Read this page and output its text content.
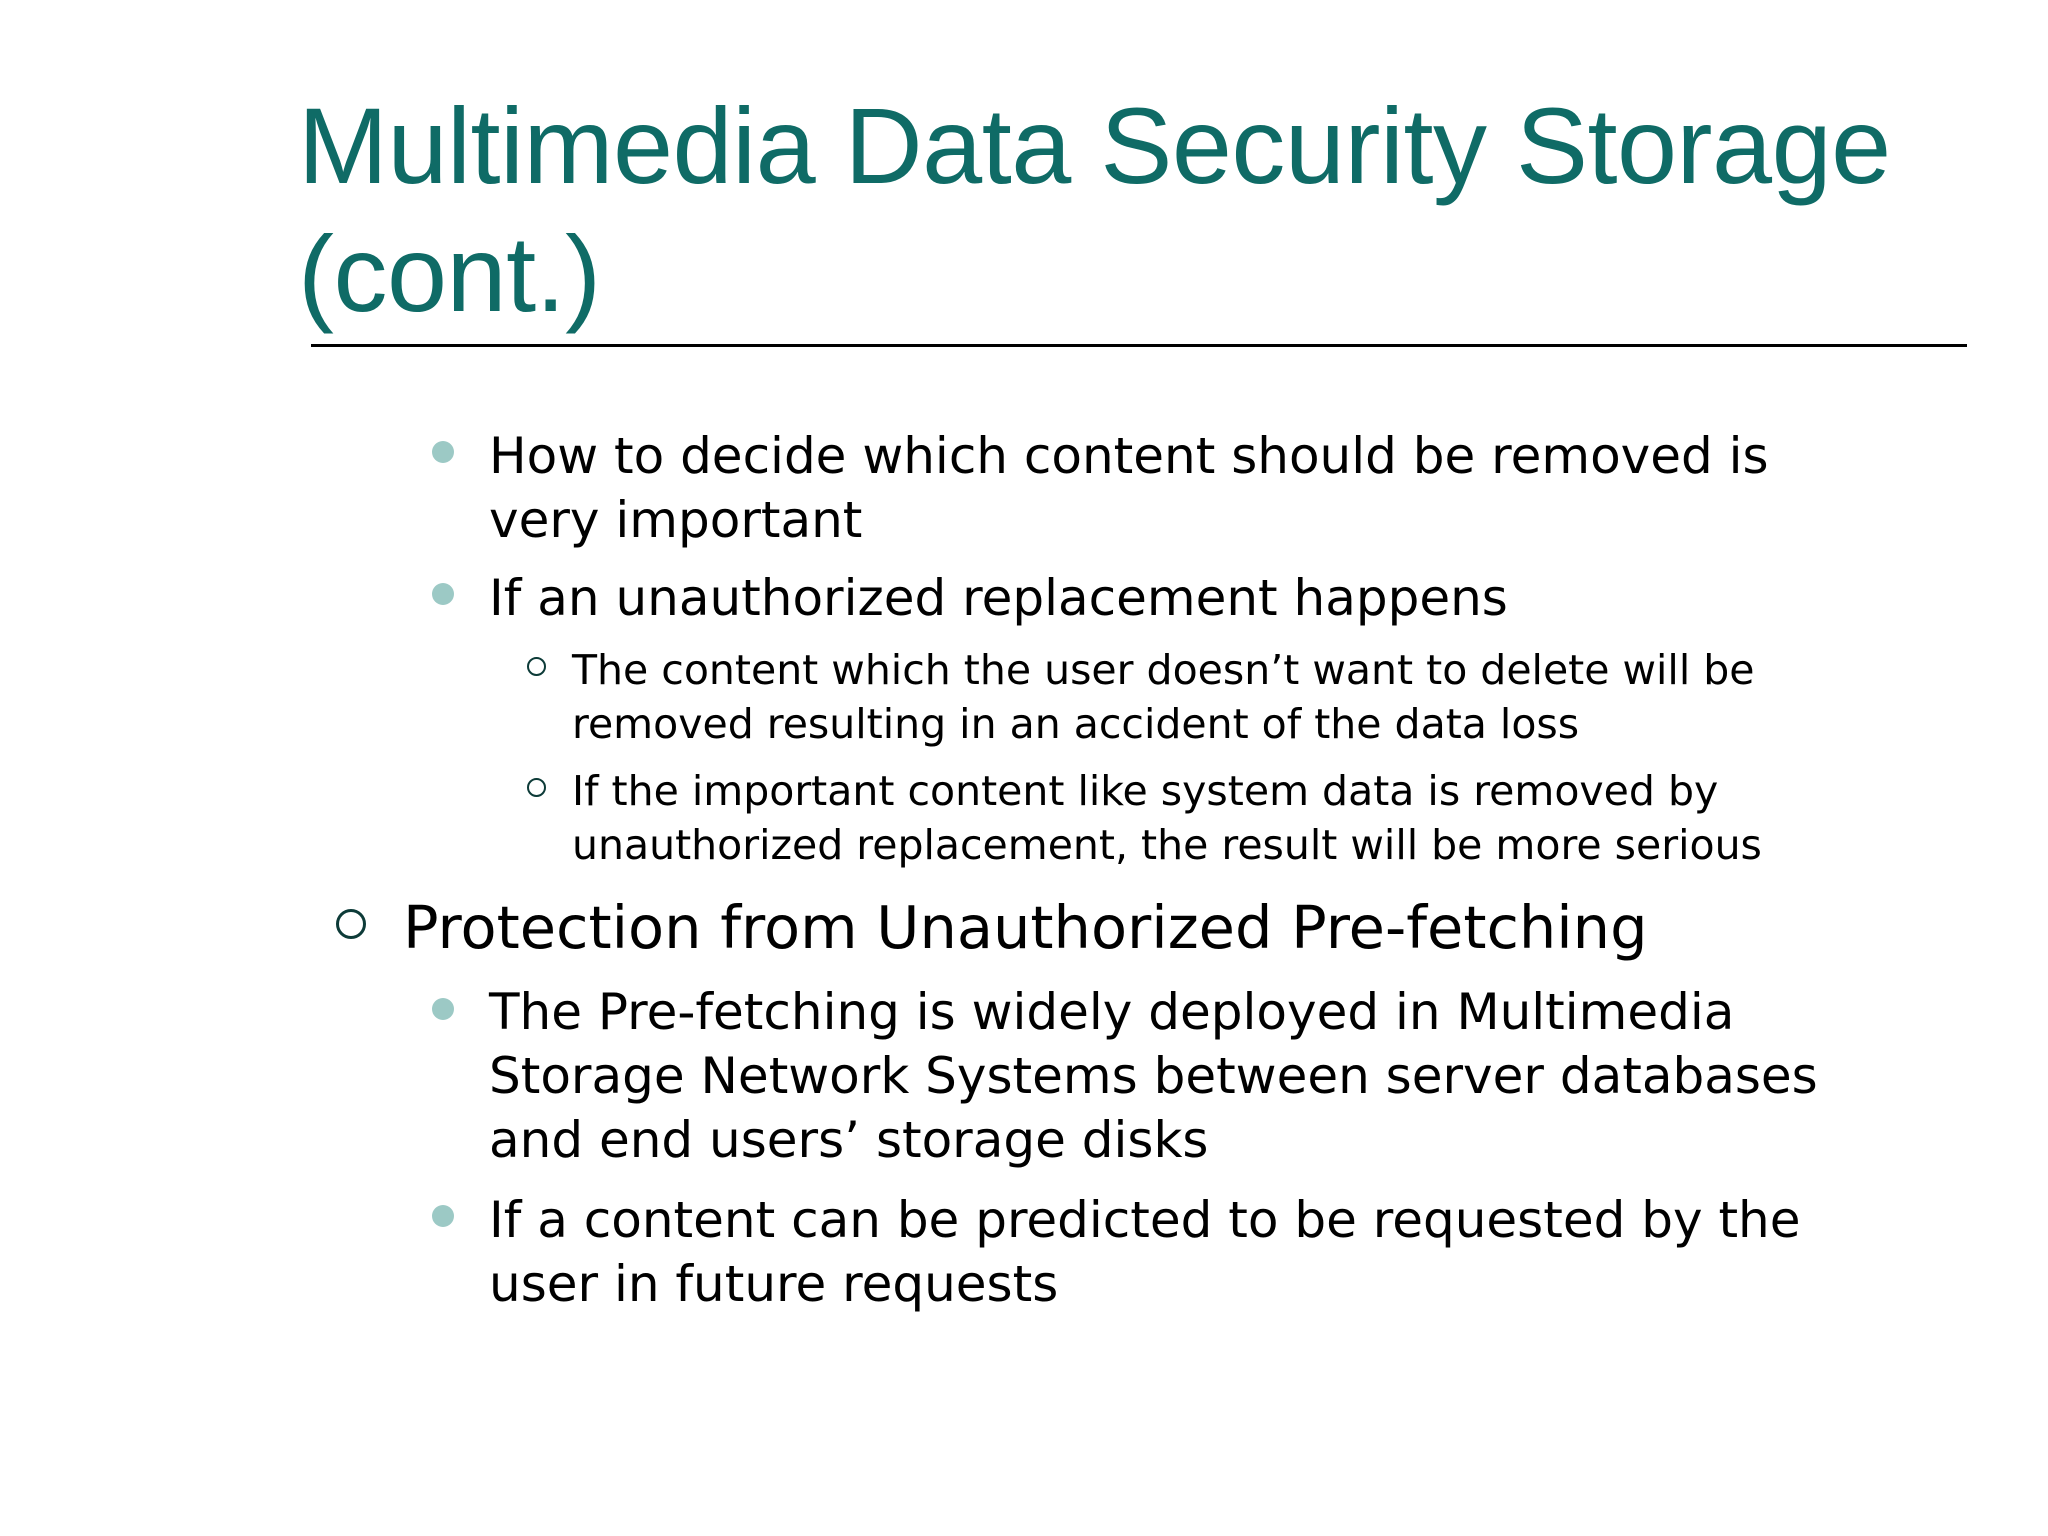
Multimedia Data Security Storage
(cont.)

How to decide which content should be removed is
very important

If an unauthorized replacement happens

The content which the user doesn’t want to delete will be
removed resulting in an accident of the data loss

If the important content like system data is removed by
unauthorized replacement, the result will be more serious

Protection from Unauthorized Pre-fetching

The Pre-fetching is widely deployed in Multimedia
Storage Network Systems between server databases
and end users’ storage disks

If a content can be predicted to be requested by the
user in future requests
